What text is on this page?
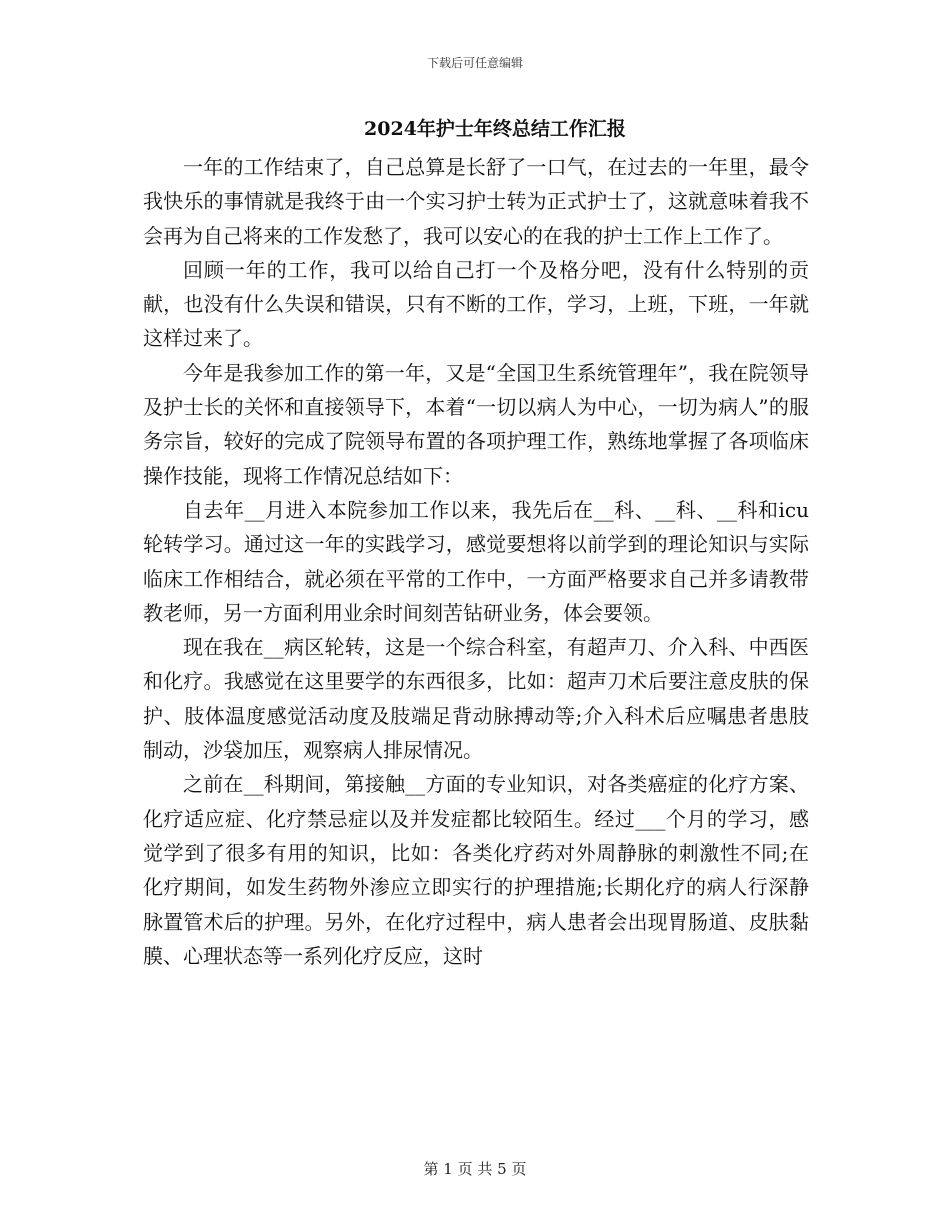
下载后可任意编辑
2024年护士年终总结工作汇报

一年的工作结束了，自己总算是长舒了一口气，在过去的一年里，最令我快乐的事情就是我终于由一个实习护士转为正式护士了，这就意味着我不会再为自己将来的工作发愁了，我可以安心的在我的护士工作上工作了。

回顾一年的工作，我可以给自己打一个及格分吧，没有什么特别的贡献，也没有什么失误和错误，只有不断的工作，学习，上班，下班，一年就这样过来了。

今年是我参加工作的第一年，又是“全国卫生系统管理年”，我在院领导及护士长的关怀和直接领导下，本着“一切以病人为中心，一切为病人”的服务宗旨，较好的完成了院领导布置的各项护理工作，熟练地掌握了各项临床操作技能，现将工作情况总结如下：

自去年__月进入本院参加工作以来，我先后在__科、__科、__科和icu轮转学习。通过这一年的实践学习，感觉要想将以前学到的理论知识与实际临床工作相结合，就必须在平常的工作中，一方面严格要求自己并多请教带教老师，另一方面利用业余时间刻苦钻研业务，体会要领。

现在我在__病区轮转，这是一个综合科室，有超声刀、介入科、中西医和化疗。我感觉在这里要学的东西很多，比如：超声刀术后要注意皮肤的保护、肢体温度感觉活动度及肢端足背动脉搏动等;介入科术后应嘱患者患肢制动，沙袋加压，观察病人排尿情况。

之前在__科期间，第接触__方面的专业知识，对各类癌症的化疗方案、化疗适应症、化疗禁忌症以及并发症都比较陌生。经过___个月的学习，感觉学到了很多有用的知识，比如：各类化疗药对外周静脉的刺激性不同;在化疗期间，如发生药物外渗应立即实行的护理措施;长期化疗的病人行深静脉置管术后的护理。另外，在化疗过程中，病人患者会出现胃肠道、皮肤黏膜、心理状态等一系列化疗反应，这时

第 1 页 共 5 页
